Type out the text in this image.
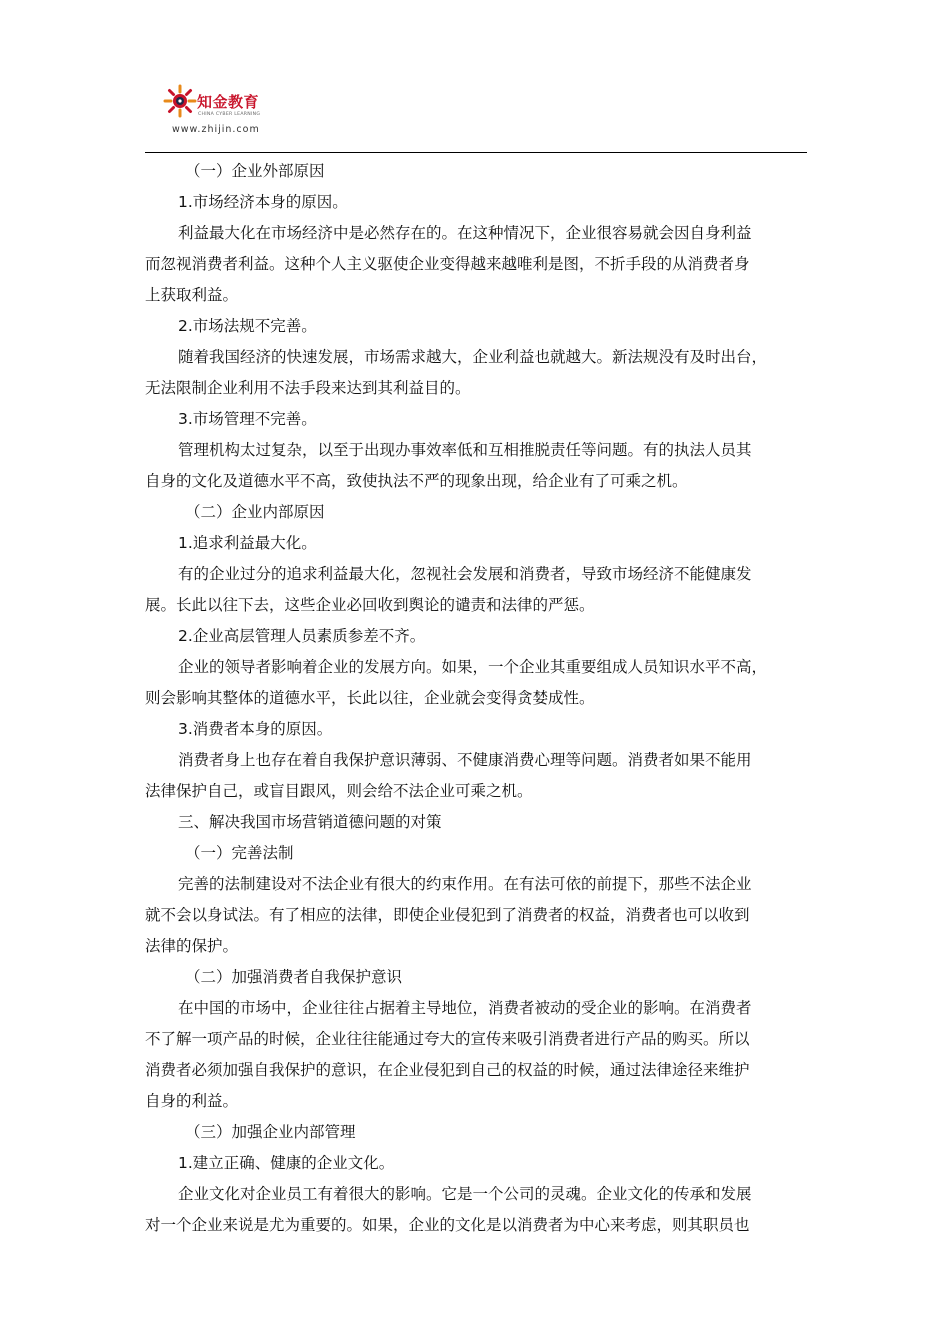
知金教育
CHINA CYBER LEARNING
www.zhijin.com
（一）企业外部原因
1.市场经济本身的原因。
利益最大化在市场经济中是必然存在的。在这种情况下，企业很容易就会因自身利益
而忽视消费者利益。这种个人主义驱使企业变得越来越唯利是图，不折手段的从消费者身
上获取利益。
2.市场法规不完善。
随着我国经济的快速发展，市场需求越大，企业利益也就越大。新法规没有及时出台，
无法限制企业利用不法手段来达到其利益目的。
3.市场管理不完善。
管理机构太过复杂，以至于出现办事效率低和互相推脱责任等问题。有的执法人员其
自身的文化及道德水平不高，致使执法不严的现象出现，给企业有了可乘之机。
（二）企业内部原因
1.追求利益最大化。
有的企业过分的追求利益最大化，忽视社会发展和消费者，导致市场经济不能健康发
展。长此以往下去，这些企业必回收到舆论的谴责和法律的严惩。
2.企业高层管理人员素质参差不齐。
企业的领导者影响着企业的发展方向。如果，一个企业其重要组成人员知识水平不高，
则会影响其整体的道德水平，长此以往，企业就会变得贪婪成性。
3.消费者本身的原因。
消费者身上也存在着自我保护意识薄弱、不健康消费心理等问题。消费者如果不能用
法律保护自己，或盲目跟风，则会给不法企业可乘之机。
三、解决我国市场营销道德问题的对策
（一）完善法制
完善的法制建设对不法企业有很大的约束作用。在有法可依的前提下，那些不法企业
就不会以身试法。有了相应的法律，即使企业侵犯到了消费者的权益，消费者也可以收到
法律的保护。
（二）加强消费者自我保护意识
在中国的市场中，企业往往占据着主导地位，消费者被动的受企业的影响。在消费者
不了解一项产品的时候，企业往往能通过夸大的宣传来吸引消费者进行产品的购买。所以
消费者必须加强自我保护的意识，在企业侵犯到自己的权益的时候，通过法律途径来维护
自身的利益。
（三）加强企业内部管理
1.建立正确、健康的企业文化。
企业文化对企业员工有着很大的影响。它是一个公司的灵魂。企业文化的传承和发展
对一个企业来说是尤为重要的。如果，企业的文化是以消费者为中心来考虑，则其职员也
